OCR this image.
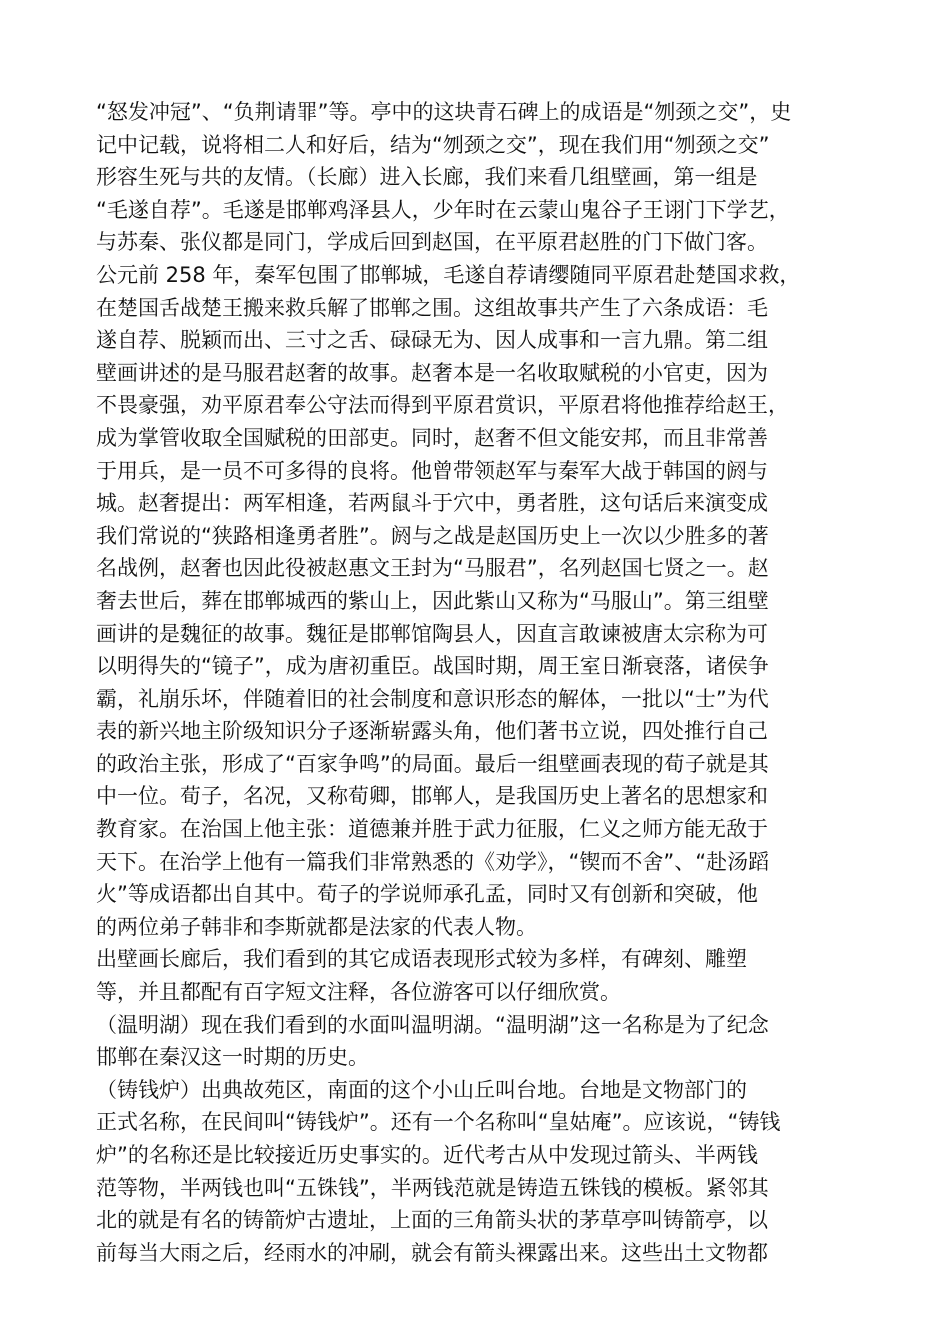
“怒发冲冠”、“负荆请罪”等。亭中的这块青石碑上的成语是“刎颈之交”，史
记中记载，说将相二人和好后，结为“刎颈之交”，现在我们用“刎颈之交”
形容生死与共的友情。（长廊）进入长廊，我们来看几组壁画，第一组是
“毛遂自荐”。毛遂是邯郸鸡泽县人，少年时在云蒙山鬼谷子王诩门下学艺，
与苏秦、张仪都是同门，学成后回到赵国，在平原君赵胜的门下做门客。
公元前 258 年，秦军包围了邯郸城，毛遂自荐请缨随同平原君赴楚国求救，
在楚国舌战楚王搬来救兵解了邯郸之围。这组故事共产生了六条成语：毛
遂自荐、脱颖而出、三寸之舌、碌碌无为、因人成事和一言九鼎。第二组
壁画讲述的是马服君赵奢的故事。赵奢本是一名收取赋税的小官吏，因为
不畏豪强，劝平原君奉公守法而得到平原君赏识，平原君将他推荐给赵王，
成为掌管收取全国赋税的田部吏。同时，赵奢不但文能安邦，而且非常善
于用兵，是一员不可多得的良将。他曾带领赵军与秦军大战于韩国的阏与
城。赵奢提出：两军相逢，若两鼠斗于穴中，勇者胜，这句话后来演变成
我们常说的“狭路相逢勇者胜”。阏与之战是赵国历史上一次以少胜多的著
名战例，赵奢也因此役被赵惠文王封为“马服君”，名列赵国七贤之一。赵
奢去世后，葬在邯郸城西的紫山上，因此紫山又称为“马服山”。第三组壁
画讲的是魏征的故事。魏征是邯郸馆陶县人，因直言敢谏被唐太宗称为可
以明得失的“镜子”，成为唐初重臣。战国时期，周王室日渐衰落，诸侯争
霸，礼崩乐坏，伴随着旧的社会制度和意识形态的解体，一批以“士”为代
表的新兴地主阶级知识分子逐渐崭露头角，他们著书立说，四处推行自己
的政治主张，形成了“百家争鸣”的局面。最后一组壁画表现的荀子就是其
中一位。荀子，名况，又称荀卿，邯郸人，是我国历史上著名的思想家和
教育家。在治国上他主张：道德兼并胜于武力征服，仁义之师方能无敌于
天下。在治学上他有一篇我们非常熟悉的《劝学》，“锲而不舍”、“赴汤蹈
火”等成语都出自其中。荀子的学说师承孔孟，同时又有创新和突破，他
的两位弟子韩非和李斯就都是法家的代表人物。
出壁画长廊后，我们看到的其它成语表现形式较为多样，有碑刻、雕塑
等，并且都配有百字短文注释，各位游客可以仔细欣赏。
（温明湖）现在我们看到的水面叫温明湖。“温明湖”这一名称是为了纪念
邯郸在秦汉这一时期的历史。
（铸钱炉）出典故苑区，南面的这个小山丘叫台地。台地是文物部门的
正式名称，在民间叫“铸钱炉”。还有一个名称叫“皇姑庵”。应该说，“铸钱
炉”的名称还是比较接近历史事实的。近代考古从中发现过箭头、半两钱
范等物，半两钱也叫“五铢钱”，半两钱范就是铸造五铢钱的模板。紧邻其
北的就是有名的铸箭炉古遗址，上面的三角箭头状的茅草亭叫铸箭亭，以
前每当大雨之后，经雨水的冲刷，就会有箭头裸露出来。这些出土文物都
